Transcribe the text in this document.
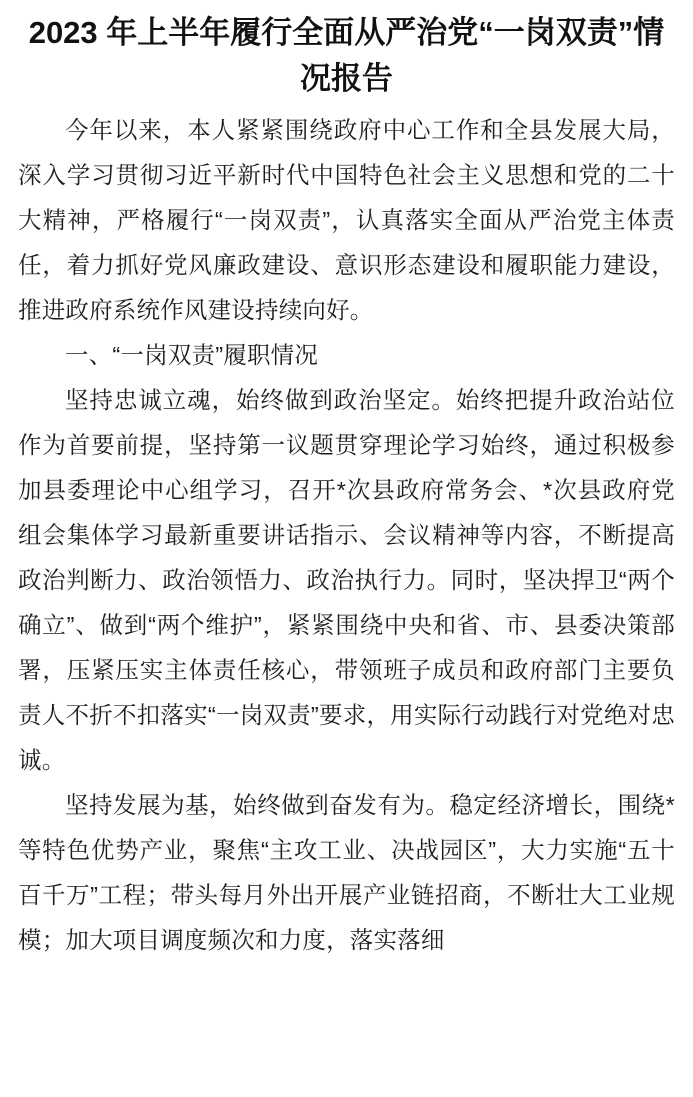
2023 年上半年履行全面从严治党“一岗双责”情况报告

今年以来，本人紧紧围绕政府中心工作和全县发展大局，深入学习贯彻习近平新时代中国特色社会主义思想和党的二十大精神，严格履行“一岗双责”，认真落实全面从严治党主体责任，着力抓好党风廉政建设、意识形态建设和履职能力建设，推进政府系统作风建设持续向好。

一、“一岗双责”履职情况

坚持忠诚立魂，始终做到政治坚定。始终把提升政治站位作为首要前提，坚持第一议题贯穿理论学习始终，通过积极参加县委理论中心组学习，召开*次县政府常务会、*次县政府党组会集体学习最新重要讲话指示、会议精神等内容，不断提高政治判断力、政治领悟力、政治执行力。同时，坚决捍卫“两个确立”、做到“两个维护”，紧紧围绕中央和省、市、县委决策部署，压紧压实主体责任核心，带领班子成员和政府部门主要负责人不折不扣落实“一岗双责”要求，用实际行动践行对党绝对忠诚。

坚持发展为基，始终做到奋发有为。稳定经济增长，围绕*等特色优势产业，聚焦“主攻工业、决战园区”，大力实施“五十百千万”工程；带头每月外出开展产业链招商，不断壮大工业规模；加大项目调度频次和力度，落实落细
